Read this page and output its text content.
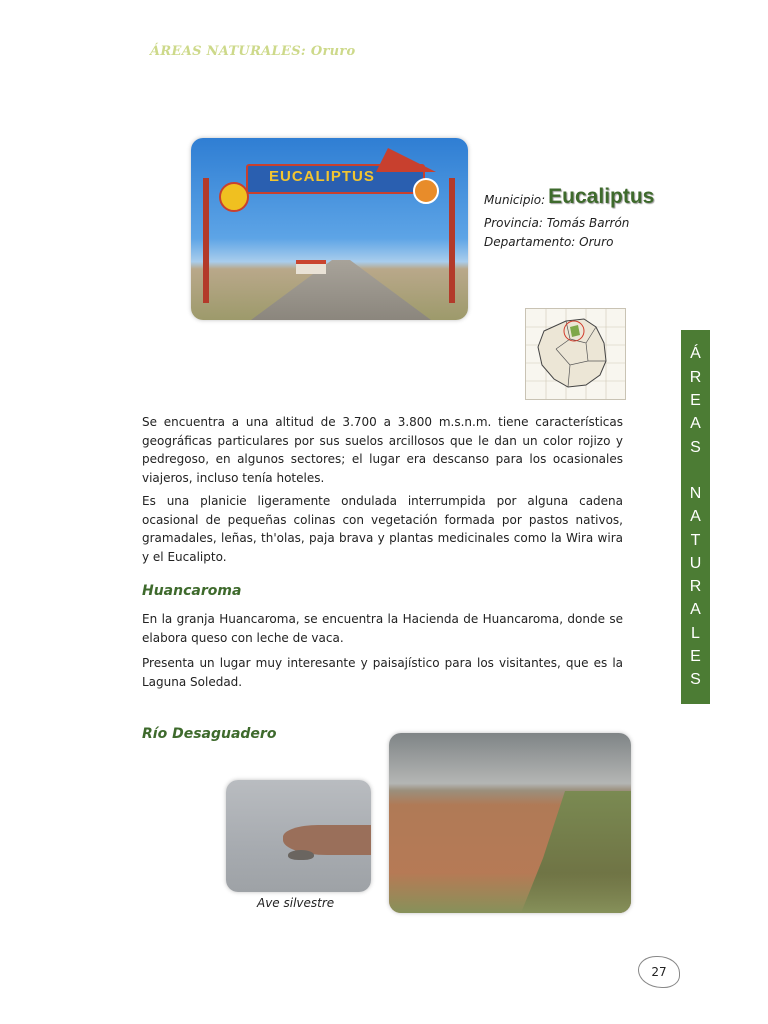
ÁREAS NATURALES: Oruro
EUCALIPTUS
Municipio: Eucaliptus
Provincia: Tomás Barrón
Departamento: Oruro
Á
R
E
A
S
N
A
T
U
R
A
L
E
S

Se encuentra a una altitud de 3.700 a 3.800 m.s.n.m. tiene características geográficas particulares por sus suelos arcillosos que le dan un color rojizo y pedregoso, en algunos sectores; el lugar era descanso para los ocasionales viajeros, incluso tenía hoteles.

Es una planicie ligeramente ondulada interrumpida por alguna cadena ocasional de pequeñas colinas con vegetación formada por pastos nativos, gramadales, leñas, th'olas, paja brava y plantas medicinales como la Wira wira y el Eucalipto.

Huancaroma

En la granja Huancaroma, se encuentra la Hacienda de Huancaroma, donde se elabora queso con leche de vaca.

Presenta un lugar muy interesante y paisajístico para los visitantes, que es la Laguna Soledad.

Río Desaguadero
Ave silvestre
27
